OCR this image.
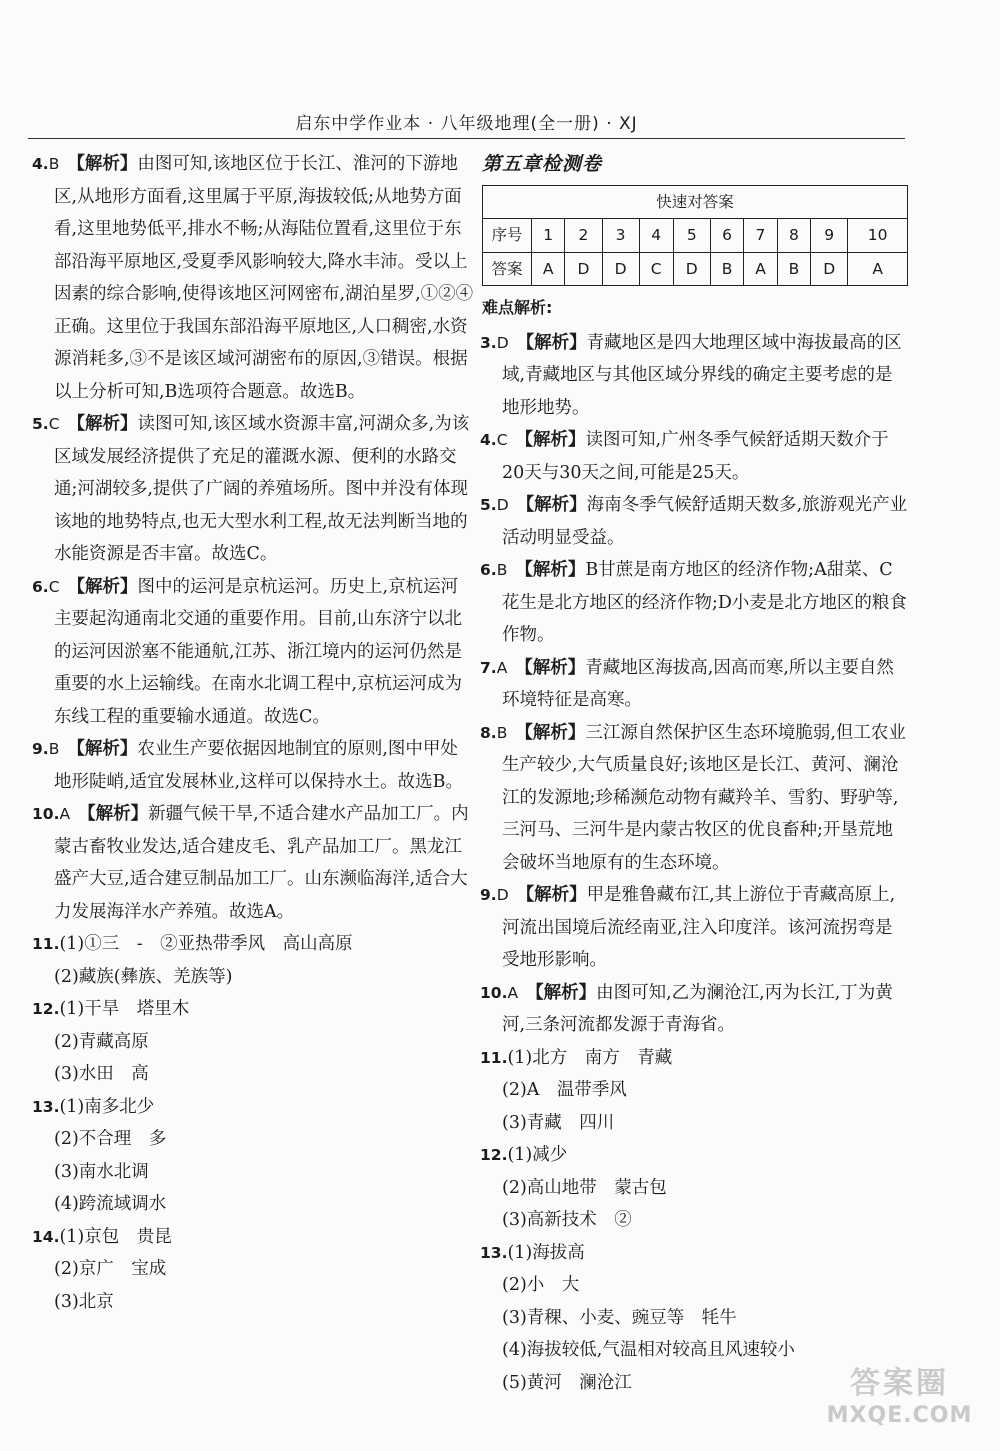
启东中学作业本 · 八年级地理(全一册) · XJ

4.B 【解析】由图可知,该地区位于长江、淮河的下游地区,从地形方面看,这里属于平原,海拔较低;从地势方面看,这里地势低平,排水不畅;从海陆位置看,这里位于东部沿海平原地区,受夏季风影响较大,降水丰沛。受以上因素的综合影响,使得该地区河网密布,湖泊星罗,①②④正确。这里位于我国东部沿海平原地区,人口稠密,水资源消耗多,③不是该区域河湖密布的原因,③错误。根据以上分析可知,B选项符合题意。故选B。

5.C 【解析】读图可知,该区域水资源丰富,河湖众多,为该区域发展经济提供了充足的灌溉水源、便利的水路交通;河湖较多,提供了广阔的养殖场所。图中并没有体现该地的地势特点,也无大型水利工程,故无法判断当地的水能资源是否丰富。故选C。

6.C 【解析】图中的运河是京杭运河。历史上,京杭运河主要起沟通南北交通的重要作用。目前,山东济宁以北的运河因淤塞不能通航,江苏、浙江境内的运河仍然是重要的水上运输线。在南水北调工程中,京杭运河成为东线工程的重要输水通道。故选C。

9.B 【解析】农业生产要依据因地制宜的原则,图中甲处地形陡峭,适宜发展林业,这样可以保持水土。故选B。

10.A 【解析】新疆气候干旱,不适合建水产品加工厂。内蒙古畜牧业发达,适合建皮毛、乳产品加工厂。黑龙江盛产大豆,适合建豆制品加工厂。山东濒临海洋,适合大力发展海洋水产养殖。故选A。

11.(1)①三　-　②亚热带季风　高山高原

(2)藏族(彝族、羌族等)

12.(1)干旱　塔里木

(2)青藏高原

(3)水田　高

13.(1)南多北少

(2)不合理　多

(3)南水北调

(4)跨流域调水

14.(1)京包　贵昆

(2)京广　宝成

(3)北京

第五章检测卷
快速对答案										
序号	1	2	3	4	5	6	7	8	9	10
答案	A	D	D	C	D	B	A	B	D	A
难点解析:

3.D 【解析】青藏地区是四大地理区域中海拔最高的区域,青藏地区与其他区域分界线的确定主要考虑的是地形地势。

4.C 【解析】读图可知,广州冬季气候舒适期天数介于20天与30天之间,可能是25天。

5.D 【解析】海南冬季气候舒适期天数多,旅游观光产业活动明显受益。

6.B 【解析】B甘蔗是南方地区的经济作物;A甜菜、C花生是北方地区的经济作物;D小麦是北方地区的粮食作物。

7.A 【解析】青藏地区海拔高,因高而寒,所以主要自然环境特征是高寒。

8.B 【解析】三江源自然保护区生态环境脆弱,但工农业生产较少,大气质量良好;该地区是长江、黄河、澜沧江的发源地;珍稀濒危动物有藏羚羊、雪豹、野驴等,三河马、三河牛是内蒙古牧区的优良畜种;开垦荒地会破坏当地原有的生态环境。

9.D 【解析】甲是雅鲁藏布江,其上游位于青藏高原上,河流出国境后流经南亚,注入印度洋。该河流拐弯是受地形影响。

10.A 【解析】由图可知,乙为澜沧江,丙为长江,丁为黄河,三条河流都发源于青海省。

11.(1)北方　南方　青藏

(2)A　温带季风

(3)青藏　四川

12.(1)减少

(2)高山地带　蒙古包

(3)高新技术　②

13.(1)海拔高

(2)小　大

(3)青稞、小麦、豌豆等　牦牛

(4)海拔较低,气温相对较高且风速较小

(5)黄河　澜沧江	答案圈
MXQE.COM
